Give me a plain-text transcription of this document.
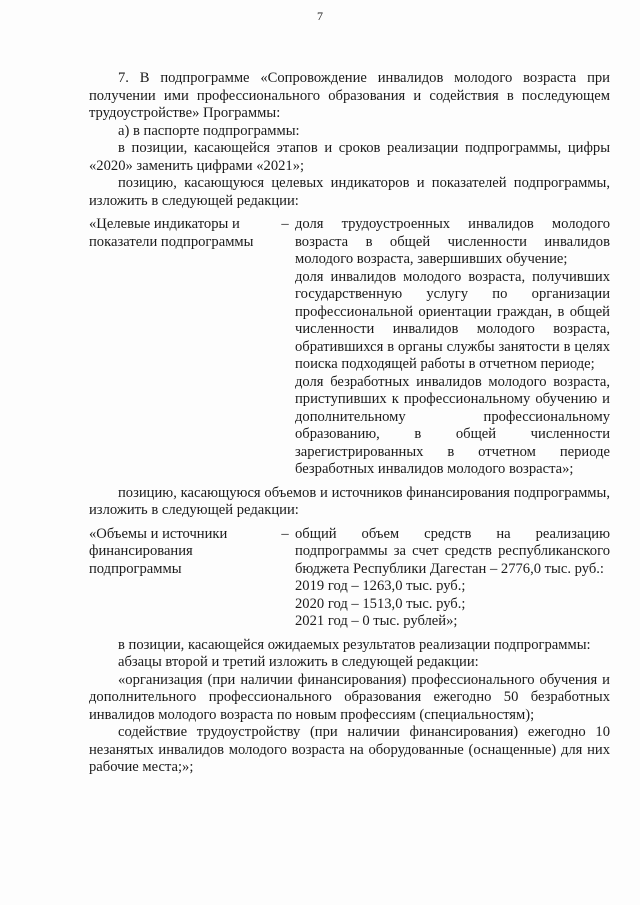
7

7. В подпрограмме «Сопровождение инвалидов молодого возраста при получении ими профессионального образования и содействия в последующем трудоустройстве» Программы:

а) в паспорте подпрограммы:

в позиции, касающейся этапов и сроков реализации подпрограммы, цифры «2020» заменить цифрами «2021»;

позицию, касающуюся целевых индикаторов и показателей подпрограммы, изложить в следующей редакции:

«Целевые индикаторы и показатели подпрограммы
– доля трудоустроенных инвалидов молодого возраста в общей численности инвалидов молодого возраста, завершивших обучение;

доля инвалидов молодого возраста, получивших государственную услугу по организации профессиональной ориентации граждан, в общей численности инвалидов молодого возраста, обратившихся в органы службы занятости в целях поиска подходящей работы в отчетном периоде;

доля безработных инвалидов молодого возраста, приступивших к профессиональному обучению и дополнительному профессиональному образованию, в общей численности зарегистрированных в отчетном периоде безработных инвалидов молодого возраста»;

позицию, касающуюся объемов и источников финансирования подпрограммы, изложить в следующей редакции:

«Объемы и источники финансирования подпрограммы
– общий объем средств на реализацию подпрограммы за счет средств республиканского бюджета Республики Дагестан – 2776,0 тыс. руб.:

2019 год – 1263,0 тыс. руб.;

2020 год – 1513,0 тыс. руб.;

2021 год – 0 тыс. рублей»;

в позиции, касающейся ожидаемых результатов реализации подпрограммы:

абзацы второй и третий изложить в следующей редакции:

«организация (при наличии финансирования) профессионального обучения и дополнительного профессионального образования ежегодно 50 безработных инвалидов молодого возраста по новым профессиям (специальностям);

содействие трудоустройству (при наличии финансирования) ежегодно 10 незанятых инвалидов молодого возраста на оборудованные (оснащенные) для них рабочие места;»;
